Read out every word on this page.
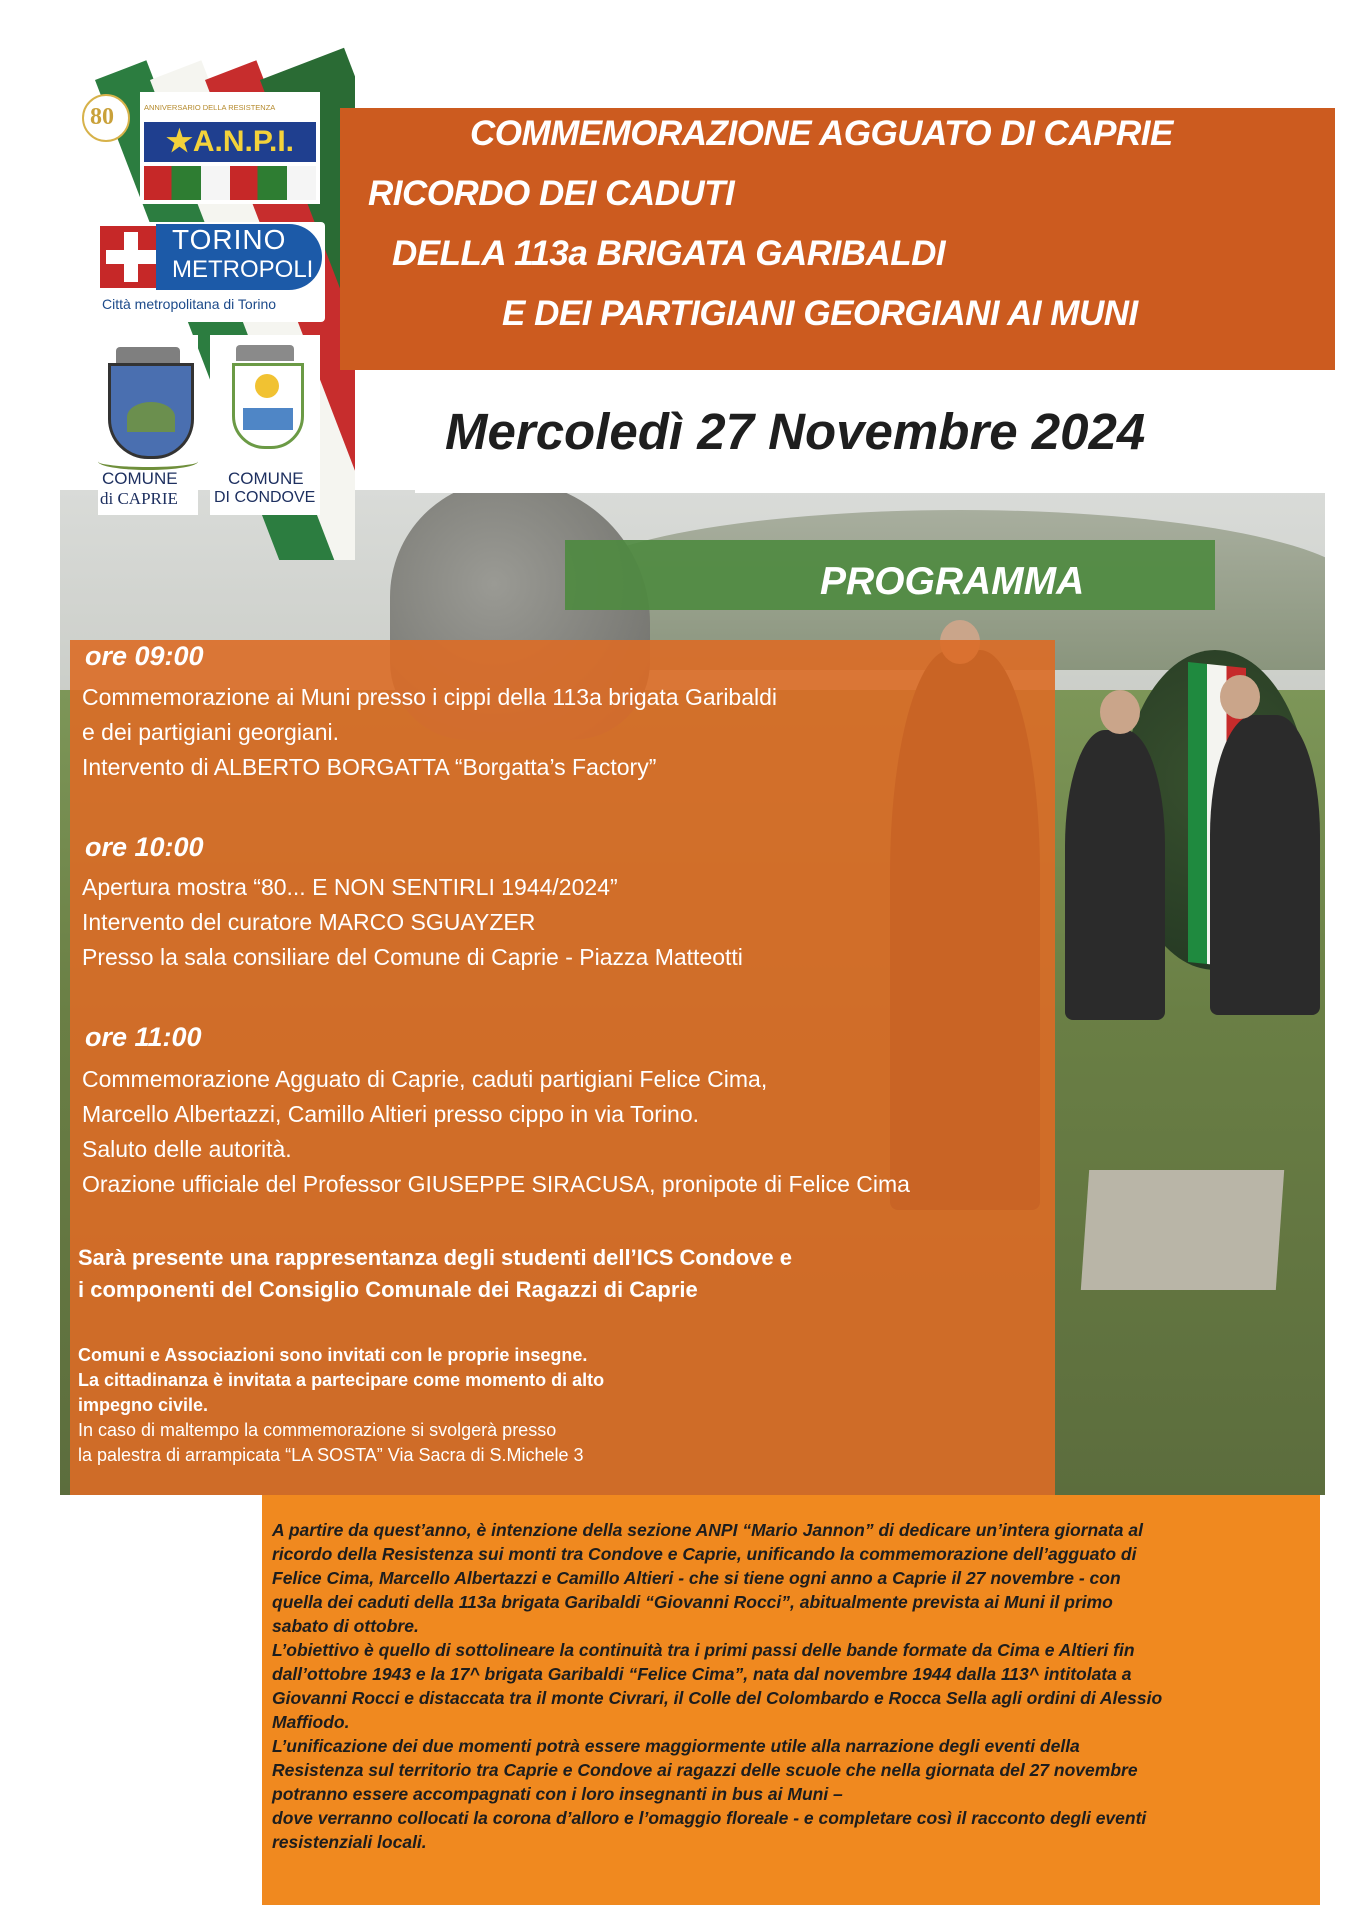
COMMEMORAZIONE AGGUATO DI CAPRIE
RICORDO DEI CADUTI
DELLA 113a BRIGATA GARIBALDI
E DEI PARTIGIANI GEORGIANI AI MUNI
Mercoledì 27 Novembre 2024
80	ANNIVERSARIO DELLA RESISTENZA
★A.N.P.I.
TORINO
METROPOLI
Città metropolitana di Torino
COMUNE
di CAPRIE
COMUNE
DI CONDOVE
PROGRAMMA
ore 09:00
Commemorazione ai Muni presso i cippi della 113a brigata Garibaldi
e dei partigiani georgiani.
Intervento di ALBERTO BORGATTA “Borgatta’s Factory”
ore 10:00
Apertura mostra “80... E NON SENTIRLI 1944/2024”
Intervento del curatore MARCO SGUAYZER
Presso la sala consiliare del Comune di Caprie - Piazza Matteotti
ore 11:00
Commemorazione Agguato di Caprie, caduti partigiani Felice Cima,
Marcello Albertazzi, Camillo Altieri presso cippo in via Torino.
Saluto delle autorità.
Orazione ufficiale del Professor GIUSEPPE SIRACUSA, pronipote di Felice Cima
Sarà presente una rappresentanza degli studenti dell’ICS Condove e
i componenti del Consiglio Comunale dei Ragazzi di Caprie
Comuni e Associazioni sono invitati con le proprie insegne.
La cittadinanza è invitata a partecipare come momento di alto
impegno civile.
In caso di maltempo la commemorazione si svolgerà presso
la palestra di arrampicata “LA SOSTA” Via Sacra di S.Michele 3
A partire da quest’anno, è intenzione della sezione ANPI “Mario Jannon” di dedicare un’intera giornata al
ricordo della Resistenza sui monti tra Condove e Caprie, unificando la commemorazione dell’agguato di
Felice Cima, Marcello Albertazzi e Camillo Altieri - che si tiene ogni anno a Caprie il 27 novembre - con
quella dei caduti della 113a brigata Garibaldi “Giovanni Rocci”, abitualmente prevista ai Muni il primo
sabato di ottobre.
L’obiettivo è quello di sottolineare la continuità tra i primi passi delle bande formate da Cima e Altieri fin
dall’ottobre 1943 e la 17^ brigata Garibaldi “Felice Cima”, nata dal novembre 1944 dalla 113^ intitolata a
Giovanni Rocci e distaccata tra il monte Civrari, il Colle del Colombardo e Rocca Sella agli ordini di Alessio
Maffiodo.
L’unificazione dei due momenti potrà essere maggiormente utile alla narrazione degli eventi della
Resistenza sul territorio tra Caprie e Condove ai ragazzi delle scuole che nella giornata del 27 novembre
potranno essere accompagnati con i loro insegnanti in bus ai Muni –
dove verranno collocati la corona d’alloro e l’omaggio floreale - e completare così il racconto degli eventi
resistenziali locali.
